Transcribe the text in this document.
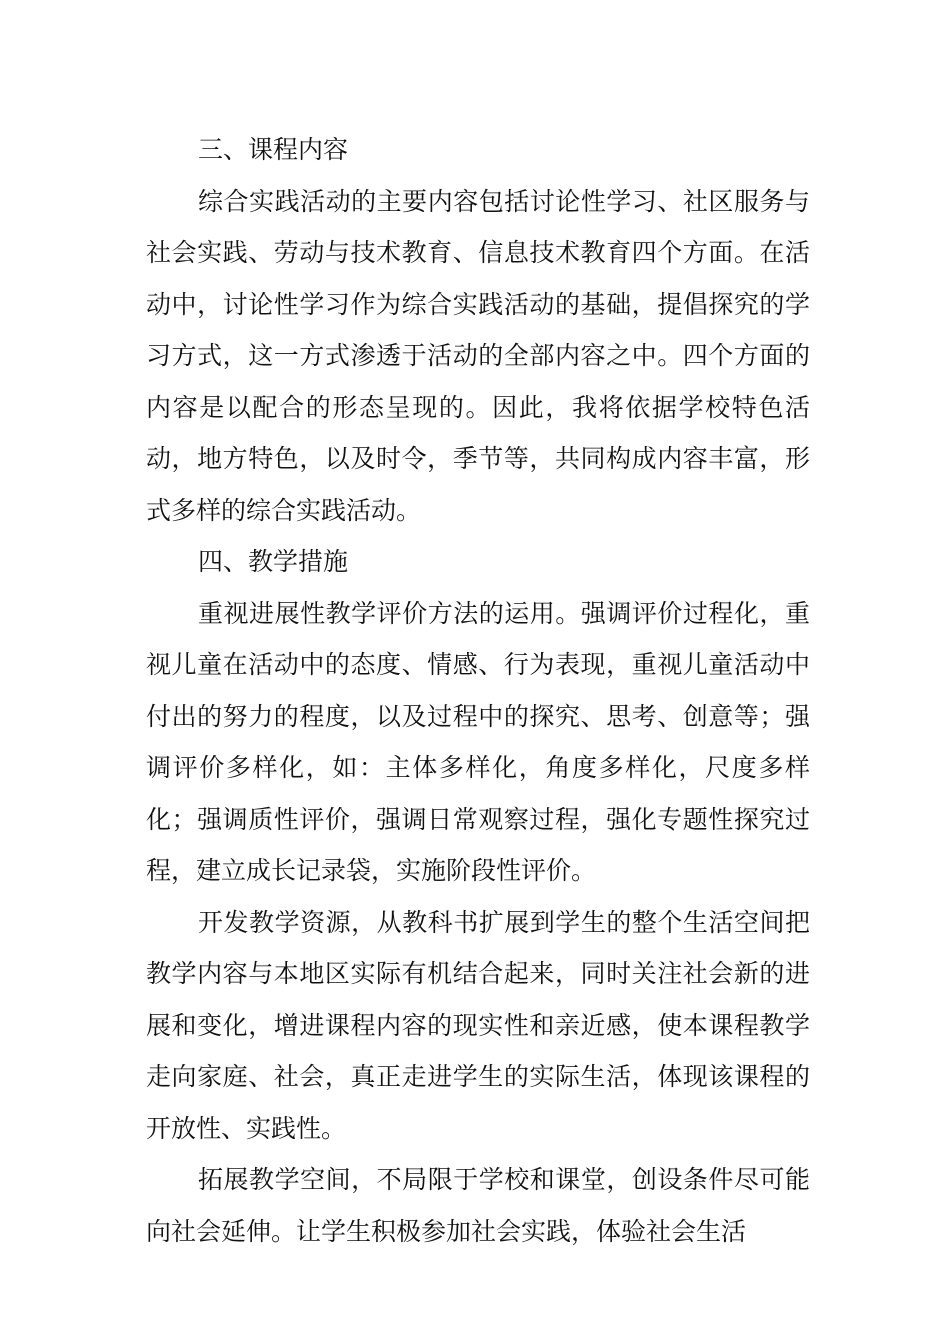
三、课程内容

综合实践活动的主要内容包括讨论性学习、社区服务与社会实践、劳动与技术教育、信息技术教育四个方面。在活动中，讨论性学习作为综合实践活动的基础，提倡探究的学习方式，这一方式渗透于活动的全部内容之中。四个方面的内容是以配合的形态呈现的。因此，我将依据学校特色活动，地方特色，以及时令，季节等，共同构成内容丰富，形式多样的综合实践活动。

四、教学措施

重视进展性教学评价方法的运用。强调评价过程化，重视儿童在活动中的态度、情感、行为表现，重视儿童活动中付出的努力的程度，以及过程中的探究、思考、创意等；强调评价多样化，如：主体多样化，角度多样化，尺度多样化；强调质性评价，强调日常观察过程，强化专题性探究过程，建立成长记录袋，实施阶段性评价。

开发教学资源，从教科书扩展到学生的整个生活空间把教学内容与本地区实际有机结合起来，同时关注社会新的进展和变化，增进课程内容的现实性和亲近感，使本课程教学走向家庭、社会，真正走进学生的实际生活，体现该课程的开放性、实践性。

拓展教学空间，不局限于学校和课堂，创设条件尽可能向社会延伸。让学生积极参加社会实践，体验社会生活
